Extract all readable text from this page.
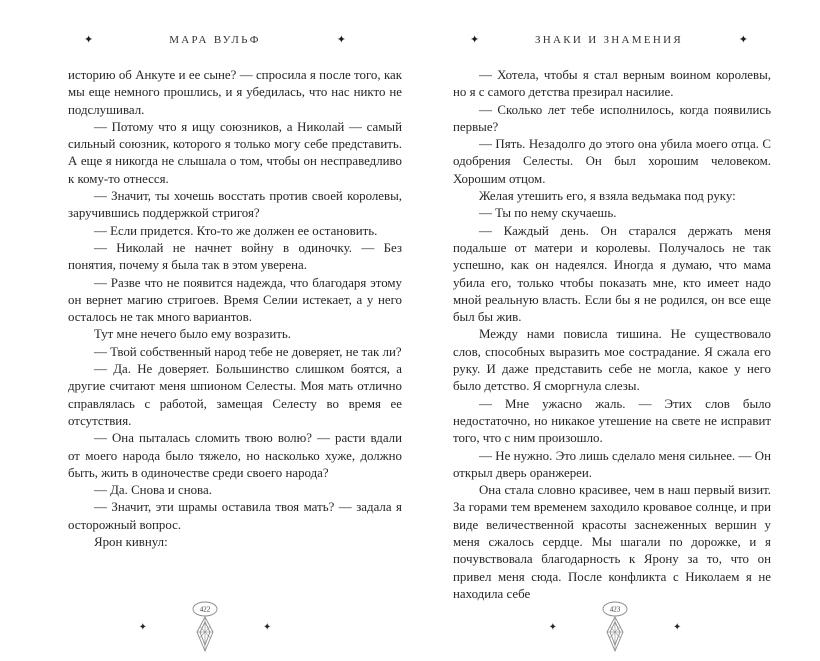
✦	МАРА ВУЛЬФ	✦

историю об Анкуте и ее сыне? — спросила я после того, как мы еще немного прошлись, и я убедилась, что нас никто не подслушивал.

— Потому что я ищу союзников, а Николай — самый сильный союзник, которого я только могу себе представить. А еще я никогда не слышала о том, чтобы он несправедливо к кому-то отнесся.

— Значит, ты хочешь восстать против своей королевы, заручившись поддержкой стригоя?

— Если придется. Кто-то же должен ее остановить.

— Николай не начнет войну в одиночку. — Без понятия, почему я была так в этом уверена.

— Разве что не появится надежда, что благодаря этому он вернет магию стригоев. Время Селии истекает, а у него осталось не так много вариантов.

Тут мне нечего было ему возразить.

— Твой собственный народ тебе не доверяет, не так ли?

— Да. Не доверяет. Большинство слишком боятся, а другие считают меня шпионом Селесты. Моя мать отлично справлялась с работой, замещая Селесту во время ее отсутствия.

— Она пыталась сломить твою волю? — расти вдали от моего народа было тяжело, но насколько хуже, должно быть, жить в одиночестве среди своего народа?

— Да. Снова и снова.

— Значит, эти шрамы оставила твоя мать? — задала я осторожный вопрос.

Ярон кивнул:

✦
422
✦
✦	ЗНАКИ И ЗНАМЕНИЯ	✦

— Хотела, чтобы я стал верным воином королевы, но я с самого детства презирал насилие.

— Сколько лет тебе исполнилось, когда появились первые?

— Пять. Незадолго до этого она убила моего отца. С одобрения Селесты. Он был хорошим человеком. Хорошим отцом.

Желая утешить его, я взяла ведьмака под руку:

— Ты по нему скучаешь.

— Каждый день. Он старался держать меня подальше от матери и королевы. Получалось не так успешно, как он надеялся. Иногда я думаю, что мама убила его, только чтобы показать мне, кто имеет надо мной реальную власть. Если бы я не родился, он все еще был бы жив.

Между нами повисла тишина. Не существовало слов, способных выразить мое сострадание. Я сжала его руку. И даже представить себе не могла, какое у него было детство. Я сморгнула слезы.

— Мне ужасно жаль. — Этих слов было недостаточно, но никакое утешение на свете не исправит того, что с ним произошло.

— Не нужно. Это лишь сделало меня сильнее. — Он открыл дверь оранжереи.

Она стала словно красивее, чем в наш первый визит. За горами тем временем заходило кровавое солнце, и при виде величественной красоты заснеженных вершин у меня сжалось сердце. Мы шагали по дорожке, и я почувствовала благодарность к Ярону за то, что он привел меня сюда. После конфликта с Николаем я не находила себе

✦
423
✦
